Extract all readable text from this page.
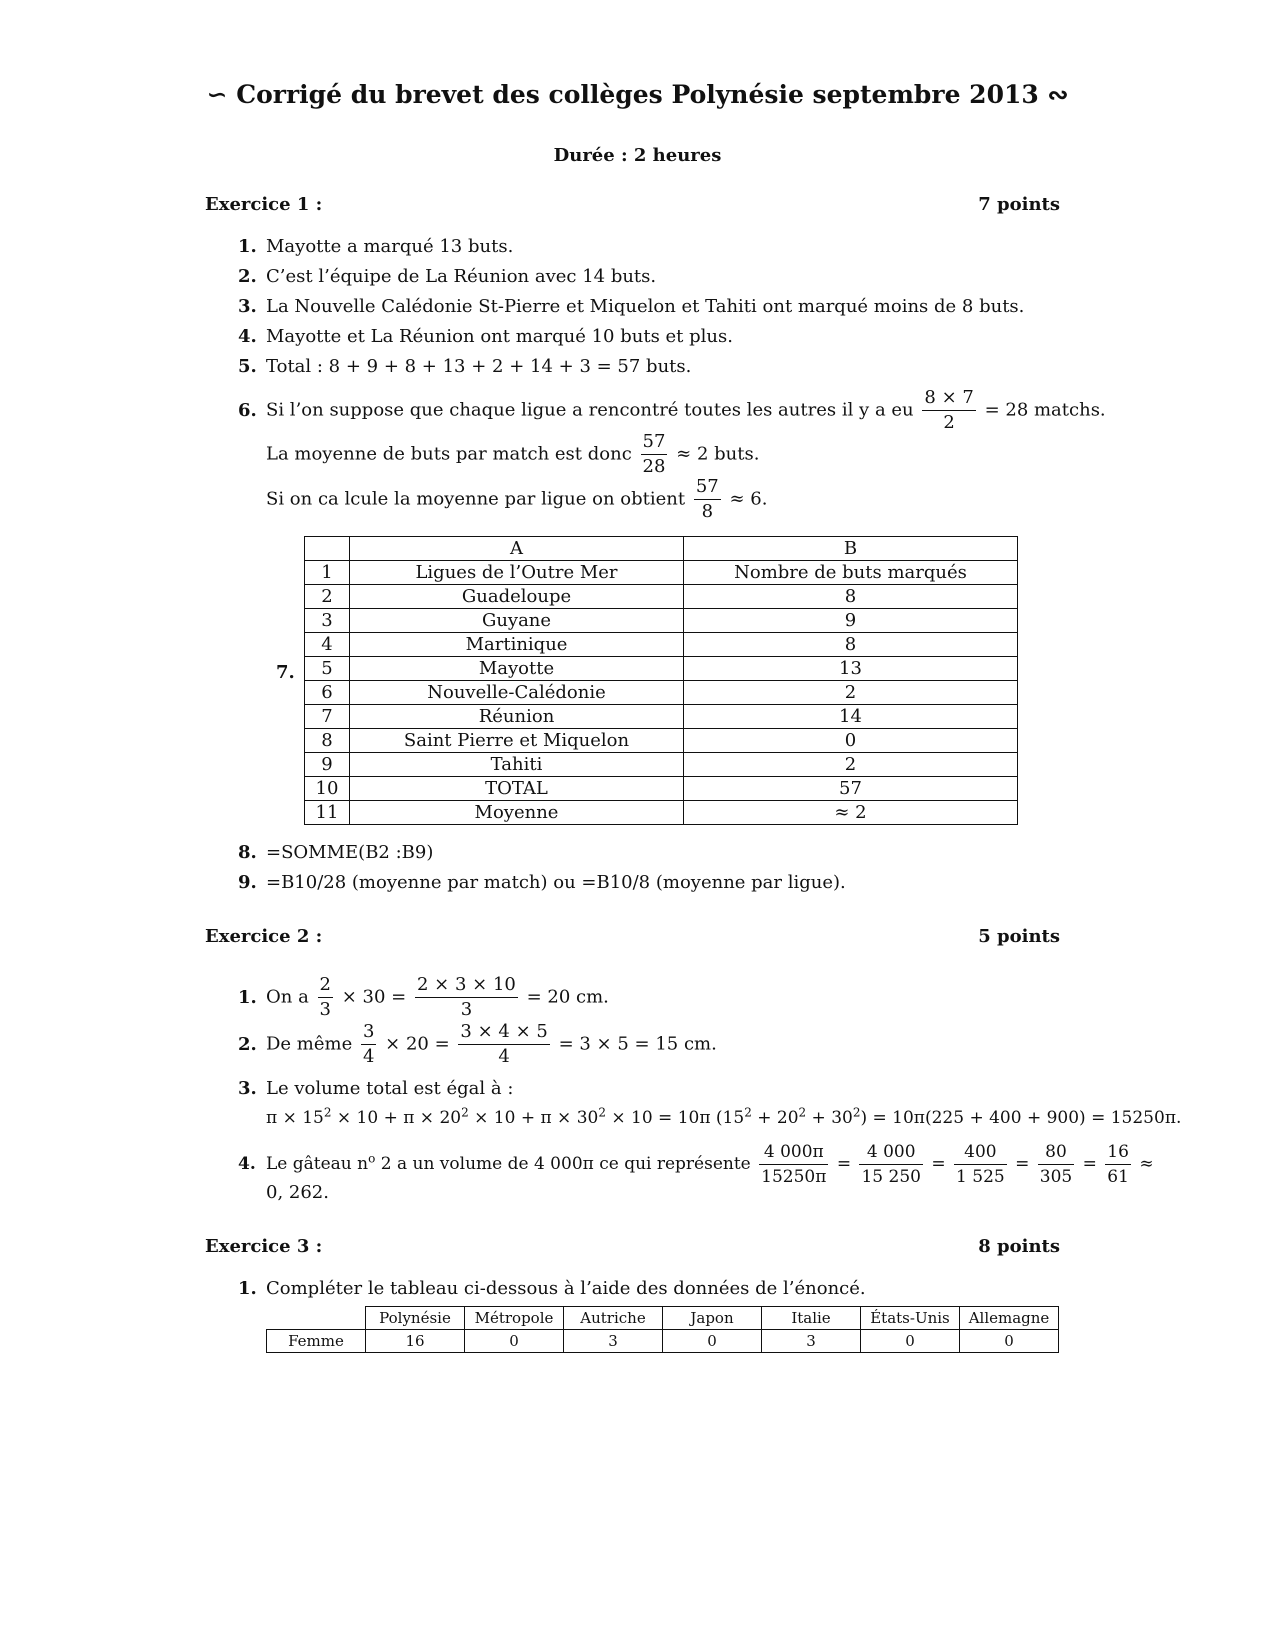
∽ Corrigé du brevet des collèges Polynésie septembre 2013 ∾
Durée : 2 heures
Exercice 1 :	7 points
1. Mayotte a marqué 13 buts.
2. C’est l’équipe de La Réunion avec 14 buts.
3. La Nouvelle Calédonie St-Pierre et Miquelon et Tahiti ont marqué moins de 8 buts.
4. Mayotte et La Réunion ont marqué 10 buts et plus.
5. Total : 8 + 9 + 8 + 13 + 2 + 14 + 3 = 57 buts.
6. Si l’on suppose que chaque ligue a rencontré toutes les autres il y a eu $\frac{8 \times 7}{2} = 28$ matchs.
La moyenne de buts par match est donc $\frac{57}{28} \approx 2$ buts.
Si on ca lcule la moyenne par ligue on obtient $\frac{57}{8} \approx 6$.
7.
	A	B
1	Ligues de l’Outre Mer	Nombre de buts marqués
2	Guadeloupe	8
3	Guyane	9
4	Martinique	8
5	Mayotte	13
6	Nouvelle-Calédonie	2
7	Réunion	14
8	Saint Pierre et Miquelon	0
9	Tahiti	2
10	TOTAL	57
11	Moyenne	≈ 2
8. =SOMME(B2 :B9)
9. =B10/28 (moyenne par match) ou =B10/8 (moyenne par ligue).
Exercice 2 :	5 points
1. On a $\frac{2}{3} \times 30 = \frac{2 \times 3 \times 10}{3} = 20$ cm.
2. De même $\frac{3}{4} \times 20 = \frac{3 \times 4 \times 5}{4} = 3 \times 5 = 15$ cm.
3. Le volume total est égal à :
$\pi \times 15^2 \times 10 + \pi \times 20^2 \times 10 + \pi \times 30^2 \times 10 = 10\pi$ $(15^2 + 20^2 + 30^2) = 10\pi(225 + 400 + 900) = 15250\pi$.
4. Le gâteau $n^o$ 2 a un volume de 4 000π ce qui représente $\frac{4 000\pi}{15250\pi} = \frac{4 000}{15 250} = \frac{400}{1 525} = \frac{80}{305} = \frac{16}{61}$ ≈
0, 262.
Exercice 3 :	8 points
1. Compléter le tableau ci-dessous à l’aide des données de l’énoncé.
	Polynésie	Métropole	Autriche	Japon	Italie	États-Unis	Allemagne
Femme	16	0	3	0	3	0	0
